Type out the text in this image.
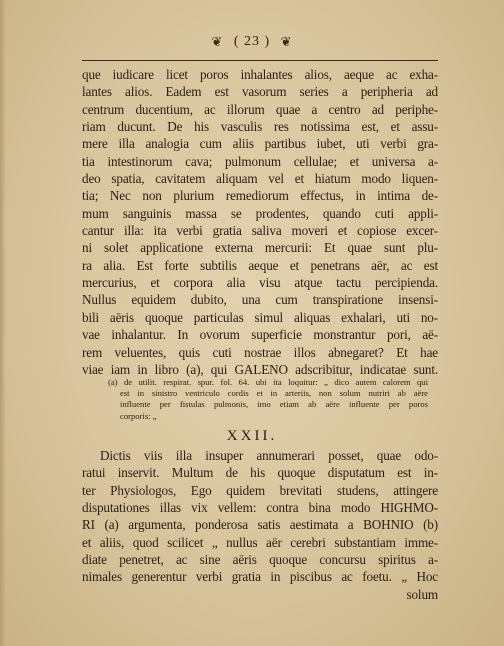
❦ ( 23 ) ❦
que iudicare licet poros inhalantes alios, aeque ac exha-
lantes alios. Eadem est vasorum series a peripheria ad
centrum ducentium, ac illorum quae a centro ad periphe-
riam ducunt. De his vasculis res notissima est, et assu-
mere illa analogia cum aliis partibus iubet, uti verbi gra-
tia intestinorum cava; pulmonum cellulae; et universa a-
deo spatia, cavitatem aliquam vel et hiatum modo liquen-
tia; Nec non plurium remediorum effectus, in intima de-
mum sanguinis massa se prodentes, quando cuti appli-
cantur illa: ita verbi gratia saliva moveri et copiose excer-
ni solet applicatione externa mercurii: Et quae sunt plu-
ra alia. Est forte subtilis aeque et penetrans aër, ac est
mercurius, et corpora alia visu atque tactu percipienda.
Nullus equidem dubito, una cum transpiratione insensi-
bili aëris quoque particulas simul aliquas exhalari, uti no-
vae inhalantur. In ovorum superficie monstrantur pori, aë-
rem veluentes, quis cuti nostrae illos abnegaret? Et hae
viae iam in libro (a), qui GALENO adscribitur, indicatae sunt.
(a) de utilit. respirat. spur. fol. 64. ubi ita loquitur: „ dico autem calorem qui
est in sinistro ventriculo cordis et in arteriis, non solum nutriri ab aëre
influente per fistulas pulmonis, imo etiam ab aëre influente per poros
corporis: „
XXII.
Dictis viis illa insuper annumerari posset, quae odo-
ratui inservit. Multum de his quoque disputatum est in-
ter Physiologos, Ego quidem brevitati studens, attingere
disputationes illas vix vellem: contra bina modo HIGHMO-
RI (a) argumenta, ponderosa satis aestimata a BOHNIO (b)
et aliis, quod scilicet „ nullus aër cerebri substantiam imme-
diate penetret, ac sine aëris quoque concursu spiritus a-
nimales generentur verbi gratia in piscibus ac foetu. „ Hoc
solum
